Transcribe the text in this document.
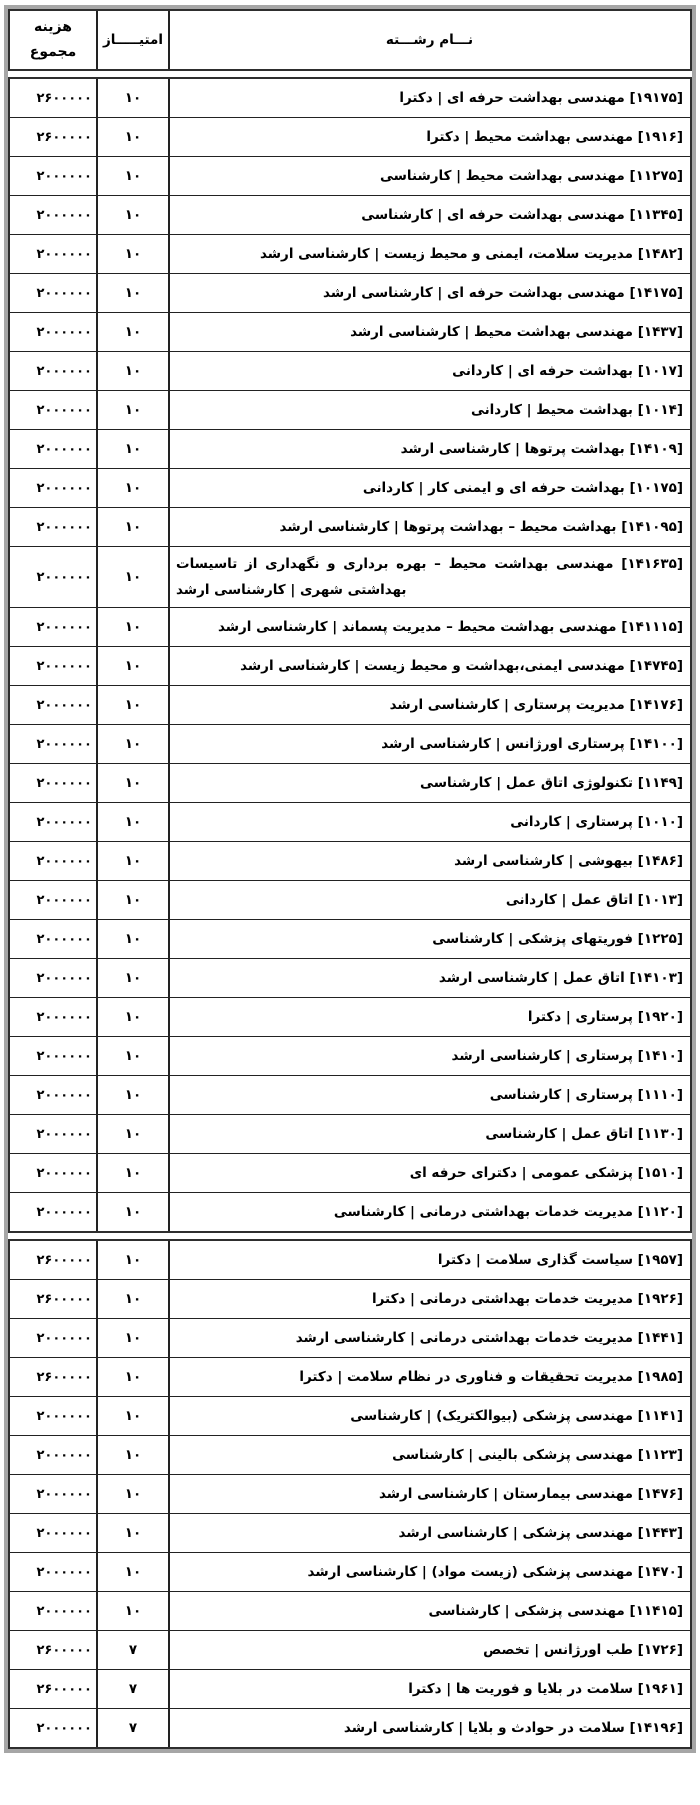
نـــام رشـــته
امتیـــــاز
هزینه
مجموع
[۱۹۱۷۵] مهندسی بهداشت حرفه ای | دکترا
۱۰
۲۶۰۰۰۰۰
[۱۹۱۶] مهندسی بهداشت محیط | دکترا
۱۰
۲۶۰۰۰۰۰
[۱۱۲۷۵] مهندسی بهداشت محیط | کارشناسی
۱۰
۲۰۰۰۰۰۰
[۱۱۳۴۵] مهندسی بهداشت حرفه ای | کارشناسی
۱۰
۲۰۰۰۰۰۰
[۱۴۸۲] مدیریت سلامت، ایمنی و محیط زیست | کارشناسی ارشد
۱۰
۲۰۰۰۰۰۰
[۱۴۱۷۵] مهندسی بهداشت حرفه ای | کارشناسی ارشد
۱۰
۲۰۰۰۰۰۰
[۱۴۳۷] مهندسی بهداشت محیط | کارشناسی ارشد
۱۰
۲۰۰۰۰۰۰
[۱۰۱۷] بهداشت حرفه ای | کاردانی
۱۰
۲۰۰۰۰۰۰
[۱۰۱۴] بهداشت محیط | کاردانی
۱۰
۲۰۰۰۰۰۰
[۱۴۱۰۹] بهداشت پرتوها | کارشناسی ارشد
۱۰
۲۰۰۰۰۰۰
[۱۰۱۷۵] بهداشت حرفه ای و ایمنی کار | کاردانی
۱۰
۲۰۰۰۰۰۰
[۱۴۱۰۹۵] بهداشت محیط – بهداشت پرتوها | کارشناسی ارشد
۱۰
۲۰۰۰۰۰۰
[۱۴۱۶۳۵] مهندسی بهداشت محیط – بهره برداری و نگهداری از تاسیسات بهداشتی شهری | کارشناسی ارشد
۱۰
۲۰۰۰۰۰۰
[۱۴۱۱۱۵] مهندسی بهداشت محیط – مدیریت پسماند | کارشناسی ارشد
۱۰
۲۰۰۰۰۰۰
[۱۴۷۴۵] مهندسی ایمنی،بهداشت و محیط زیست | کارشناسی ارشد
۱۰
۲۰۰۰۰۰۰
[۱۴۱۷۶] مدیریت پرستاری | کارشناسی ارشد
۱۰
۲۰۰۰۰۰۰
[۱۴۱۰۰] پرستاری اورژانس | کارشناسی ارشد
۱۰
۲۰۰۰۰۰۰
[۱۱۴۹] تکنولوژی اتاق عمل | کارشناسی
۱۰
۲۰۰۰۰۰۰
[۱۰۱۰] پرستاری | کاردانی
۱۰
۲۰۰۰۰۰۰
[۱۴۸۶] بیهوشی | کارشناسی ارشد
۱۰
۲۰۰۰۰۰۰
[۱۰۱۳] اتاق عمل | کاردانی
۱۰
۲۰۰۰۰۰۰
[۱۲۲۵] فوریتهای پزشکی | کارشناسی
۱۰
۲۰۰۰۰۰۰
[۱۴۱۰۳] اتاق عمل | کارشناسی ارشد
۱۰
۲۰۰۰۰۰۰
[۱۹۲۰] پرستاری | دکترا
۱۰
۲۰۰۰۰۰۰
[۱۴۱۰] پرستاری | کارشناسی ارشد
۱۰
۲۰۰۰۰۰۰
[۱۱۱۰] پرستاری | کارشناسی
۱۰
۲۰۰۰۰۰۰
[۱۱۳۰] اتاق عمل | کارشناسی
۱۰
۲۰۰۰۰۰۰
[۱۵۱۰] پزشکی عمومی | دکترای حرفه ای
۱۰
۲۰۰۰۰۰۰
[۱۱۲۰] مدیریت خدمات بهداشتی درمانی | کارشناسی
۱۰
۲۰۰۰۰۰۰
[۱۹۵۷] سیاست گذاری سلامت | دکترا
۱۰
۲۶۰۰۰۰۰
[۱۹۲۶] مدیریت خدمات بهداشتی درمانی | دکترا
۱۰
۲۶۰۰۰۰۰
[۱۴۴۱] مدیریت خدمات بهداشتی درمانی | کارشناسی ارشد
۱۰
۲۰۰۰۰۰۰
[۱۹۸۵] مدیریت تحقیقات و فناوری در نظام سلامت | دکترا
۱۰
۲۶۰۰۰۰۰
[۱۱۴۱] مهندسی پزشکی (بیوالکتریک) | کارشناسی
۱۰
۲۰۰۰۰۰۰
[۱۱۲۳] مهندسی پزشکی بالینی | کارشناسی
۱۰
۲۰۰۰۰۰۰
[۱۴۷۶] مهندسی بیمارستان | کارشناسی ارشد
۱۰
۲۰۰۰۰۰۰
[۱۴۴۳] مهندسی پزشکی | کارشناسی ارشد
۱۰
۲۰۰۰۰۰۰
[۱۴۷۰] مهندسی پزشکی (زیست مواد) | کارشناسی ارشد
۱۰
۲۰۰۰۰۰۰
[۱۱۴۱۵] مهندسی پزشکی | کارشناسی
۱۰
۲۰۰۰۰۰۰
[۱۷۲۶] طب اورژانس | تخصص
۷
۲۶۰۰۰۰۰
[۱۹۶۱] سلامت در بلایا و فوریت ها | دکترا
۷
۲۶۰۰۰۰۰
[۱۴۱۹۶] سلامت در حوادث و بلایا | کارشناسی ارشد
۷
۲۰۰۰۰۰۰
